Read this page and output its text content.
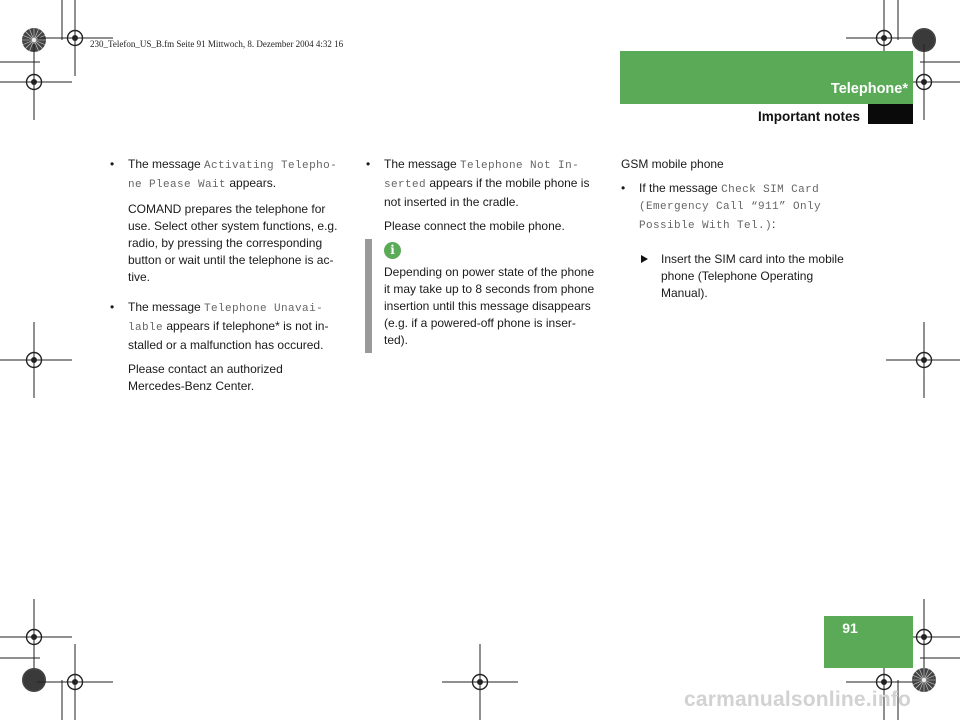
230_Telefon_US_B.fm Seite 91 Mittwoch, 8. Dezember 2004 4:32 16
Telephone*
Important notes
• The message Activating Telepho-
ne Please Wait appears.
COMAND prepares the telephone for
use. Select other system functions, e.g.
radio, by pressing the corresponding
button or wait until the telephone is ac-
tive.
• The message Telephone Unavai-
lable appears if telephone* is not in-
stalled or a malfunction has occured.
Please contact an authorized
Mercedes-Benz Center.
• The message Telephone Not In-
serted appears if the mobile phone is
not inserted in the cradle.
Please connect the mobile phone.
i
Depending on power state of the phone
it may take up to 8 seconds from phone
insertion until this message disappears
(e.g. if a powered-off phone is inser-
ted).
GSM mobile phone
• If the message Check SIM Card
(Emergency Call “911” Only
Possible With Tel.):
Insert the SIM card into the mobile
phone (Telephone Operating
Manual).
91
carmanualsonline.info
